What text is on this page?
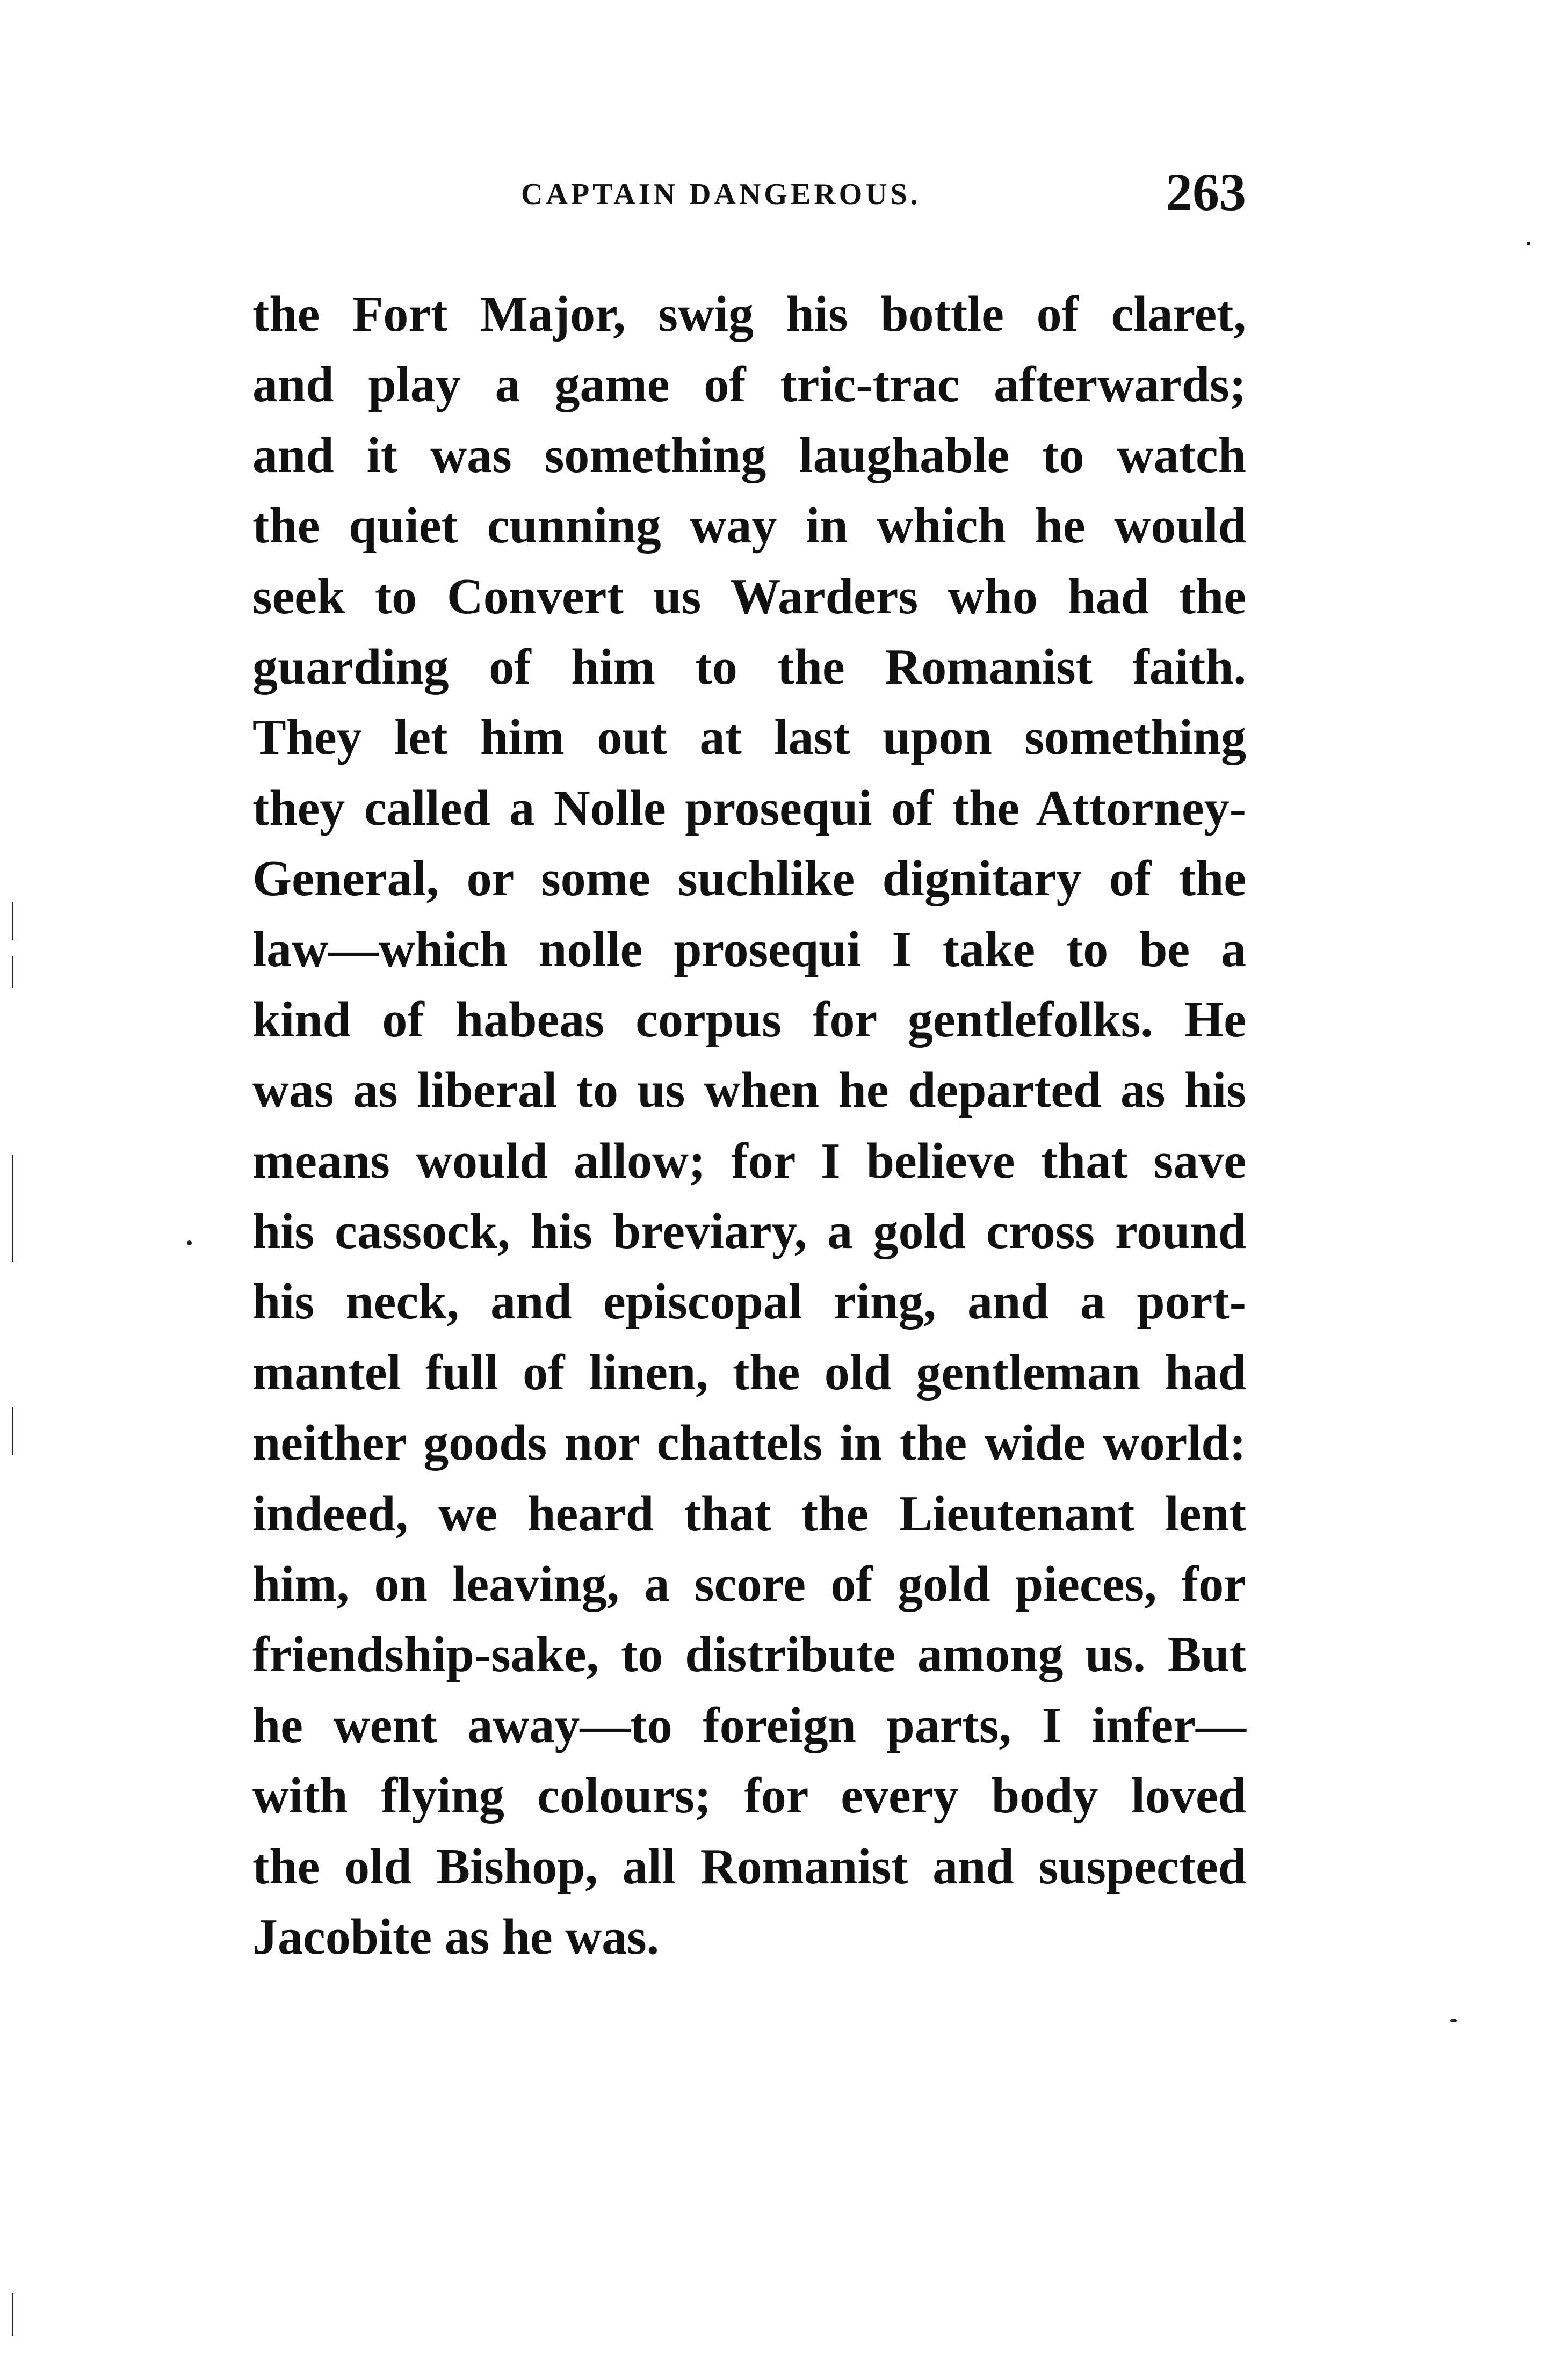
CAPTAIN DANGEROUS.	263
the Fort Major, swig his bottle of claret,
and play a game of tric-trac afterwards;
and it was something laughable to watch
the quiet cunning way in which he would
seek to Convert us Warders who had the
guarding of him to the Romanist faith.
They let him out at last upon something
they called a Nolle prosequi of the Attorney-
General, or some suchlike dignitary of the
law—which nolle prosequi I take to be a
kind of habeas corpus for gentlefolks. He
was as liberal to us when he departed as his
means would allow; for I believe that save
his cassock, his breviary, a gold cross round
his neck, and episcopal ring, and a port-
mantel full of linen, the old gentleman had
neither goods nor chattels in the wide world:
indeed, we heard that the Lieutenant lent
him, on leaving, a score of gold pieces, for
friendship-sake, to distribute among us. But
he went away—to foreign parts, I infer—
with flying colours; for every body loved
the old Bishop, all Romanist and suspected
Jacobite as he was.
